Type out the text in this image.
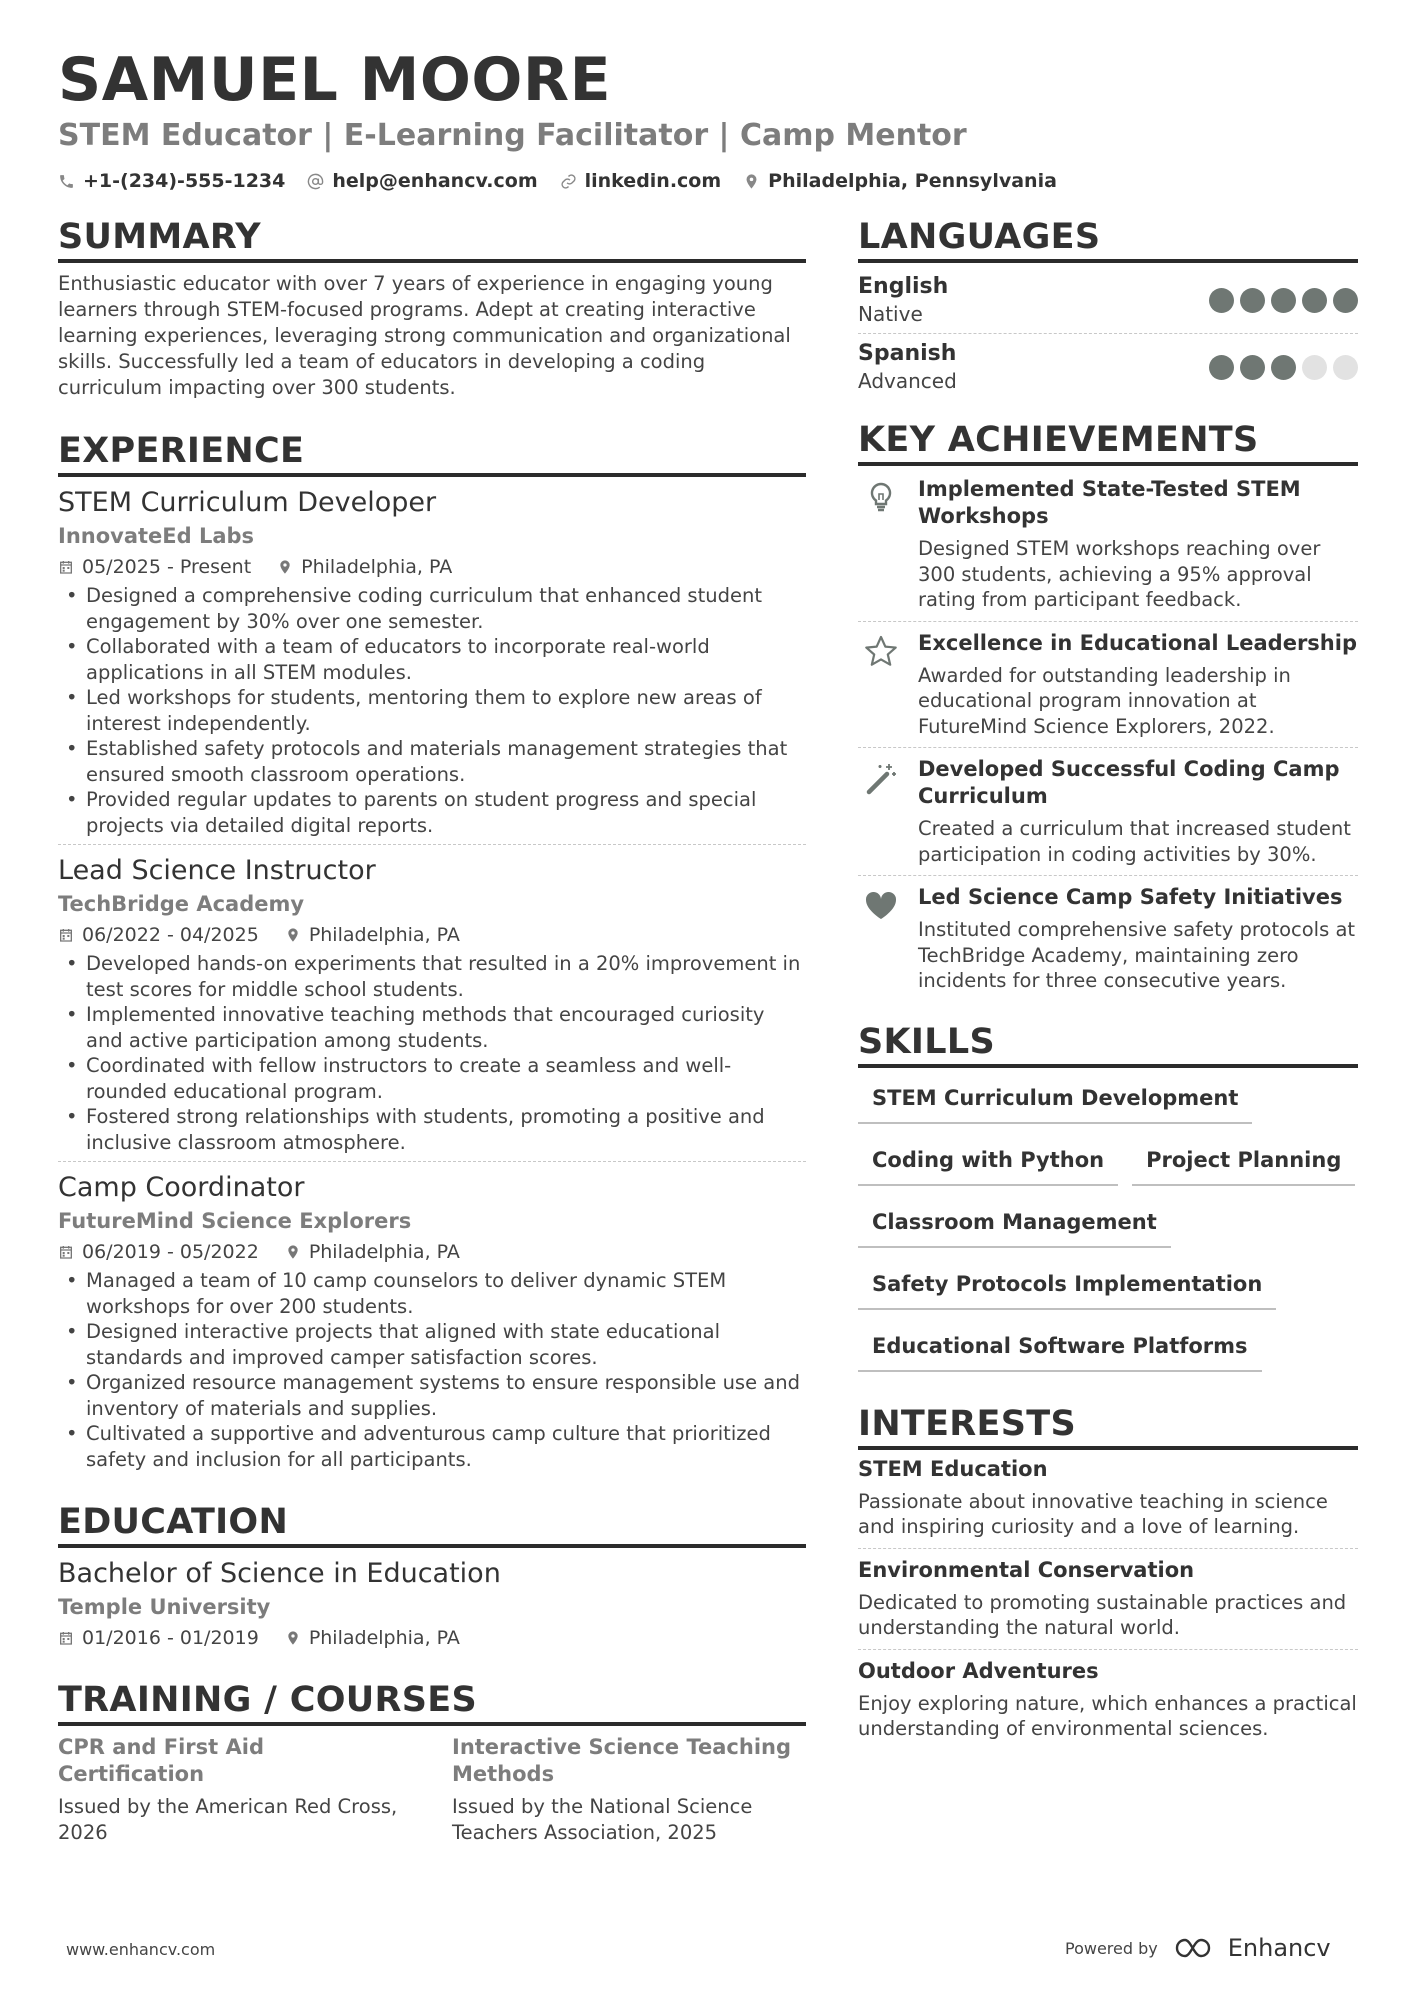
SAMUEL MOORE
STEM Educator | E-Learning Facilitator | Camp Mentor
+1-(234)-555-1234 help@enhancv.com linkedin.com Philadelphia, Pennsylvania
SUMMARY

Enthusiastic educator with over 7 years of experience in engaging young learners through STEM-focused programs. Adept at creating interactive learning experiences, leveraging strong communication and organizational skills. Successfully led a team of educators in developing a coding curriculum impacting over 300 students.

EXPERIENCE
STEM Curriculum Developer
InnovateEd Labs
05/2025 - Present	Philadelphia, PA
• Designed a comprehensive coding curriculum that enhanced student engagement by 30% over one semester.
• Collaborated with a team of educators to incorporate real-world applications in all STEM modules.
• Led workshops for students, mentoring them to explore new areas of interest independently.
• Established safety protocols and materials management strategies that ensured smooth classroom operations.
• Provided regular updates to parents on student progress and special projects via detailed digital reports.
Lead Science Instructor
TechBridge Academy
06/2022 - 04/2025	Philadelphia, PA
• Developed hands-on experiments that resulted in a 20% improvement in test scores for middle school students.
• Implemented innovative teaching methods that encouraged curiosity and active participation among students.
• Coordinated with fellow instructors to create a seamless and well-rounded educational program.
• Fostered strong relationships with students, promoting a positive and inclusive classroom atmosphere.
Camp Coordinator
FutureMind Science Explorers
06/2019 - 05/2022	Philadelphia, PA
• Managed a team of 10 camp counselors to deliver dynamic STEM workshops for over 200 students.
• Designed interactive projects that aligned with state educational standards and improved camper satisfaction scores.
• Organized resource management systems to ensure responsible use and inventory of materials and supplies.
• Cultivated a supportive and adventurous camp culture that prioritized safety and inclusion for all participants.
EDUCATION
Bachelor of Science in Education
Temple University
01/2016 - 01/2019	Philadelphia, PA
TRAINING / COURSES
CPR and First Aid Certification
Issued by the American Red Cross, 2026
Interactive Science Teaching Methods
Issued by the National Science Teachers Association, 2025
LANGUAGES
English
Native
Spanish
Advanced
KEY ACHIEVEMENTS
Implemented State-Tested STEM Workshops
Designed STEM workshops reaching over 300 students, achieving a 95% approval rating from participant feedback.
Excellence in Educational Leadership
Awarded for outstanding leadership in educational program innovation at FutureMind Science Explorers, 2022.
Developed Successful Coding Camp Curriculum
Created a curriculum that increased student participation in coding activities by 30%.
Led Science Camp Safety Initiatives
Instituted comprehensive safety protocols at TechBridge Academy, maintaining zero incidents for three consecutive years.
SKILLS
STEM Curriculum Development
Coding with Python	Project Planning
Classroom Management
Safety Protocols Implementation
Educational Software Platforms
INTERESTS
STEM Education
Passionate about innovative teaching in science and inspiring curiosity and a love of learning.
Environmental Conservation
Dedicated to promoting sustainable practices and understanding the natural world.
Outdoor Adventures
Enjoy exploring nature, which enhances a practical understanding of environmental sciences.
www.enhancv.com	Powered by	Enhancv
